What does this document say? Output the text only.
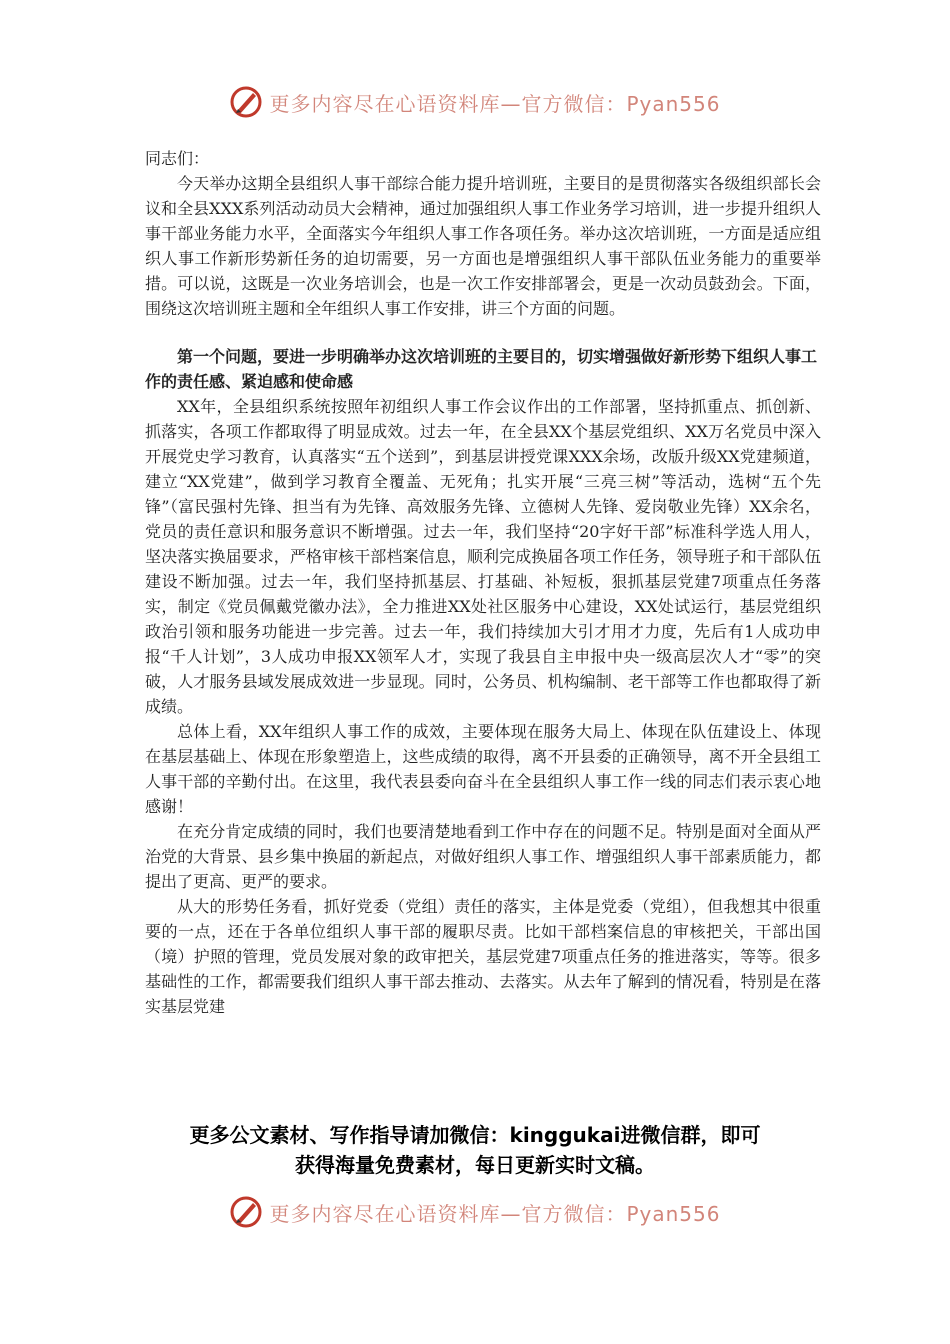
更多内容尽在心语资料库—官方微信：Pyan556

同志们：

今天举办这期全县组织人事干部综合能力提升培训班，主要目的是贯彻落实各级组织部长会议和全县XXX系列活动动员大会精神，通过加强组织人事工作业务学习培训，进一步提升组织人事干部业务能力水平，全面落实今年组织人事工作各项任务。举办这次培训班，一方面是适应组织人事工作新形势新任务的迫切需要，另一方面也是增强组织人事干部队伍业务能力的重要举措。可以说，这既是一次业务培训会，也是一次工作安排部署会，更是一次动员鼓劲会。下面，围绕这次培训班主题和全年组织人事工作安排，讲三个方面的问题。

第一个问题，要进一步明确举办这次培训班的主要目的，切实增强做好新形势下组织人事工作的责任感、紧迫感和使命感

XX年，全县组织系统按照年初组织人事工作会议作出的工作部署，坚持抓重点、抓创新、抓落实，各项工作都取得了明显成效。过去一年，在全县XX个基层党组织、XX万名党员中深入开展党史学习教育，认真落实“五个送到”，到基层讲授党课XXX余场，改版升级XX党建频道，建立“XX党建”，做到学习教育全覆盖、无死角；扎实开展“三亮三树”等活动，选树“五个先锋”（富民强村先锋、担当有为先锋、高效服务先锋、立德树人先锋、爱岗敬业先锋）XX余名，党员的责任意识和服务意识不断增强。过去一年，我们坚持“20字好干部”标准科学选人用人，坚决落实换届要求，严格审核干部档案信息，顺利完成换届各项工作任务，领导班子和干部队伍建设不断加强。过去一年，我们坚持抓基层、打基础、补短板，狠抓基层党建7项重点任务落实，制定《党员佩戴党徽办法》，全力推进XX处社区服务中心建设，XX处试运行，基层党组织政治引领和服务功能进一步完善。过去一年，我们持续加大引才用才力度，先后有1人成功申报“千人计划”，3人成功申报XX领军人才，实现了我县自主申报中央一级高层次人才“零”的突破，人才服务县域发展成效进一步显现。同时，公务员、机构编制、老干部等工作也都取得了新成绩。

总体上看，XX年组织人事工作的成效，主要体现在服务大局上、体现在队伍建设上、体现在基层基础上、体现在形象塑造上，这些成绩的取得，离不开县委的正确领导，离不开全县组工人事干部的辛勤付出。在这里，我代表县委向奋斗在全县组织人事工作一线的同志们表示衷心地感谢！

在充分肯定成绩的同时，我们也要清楚地看到工作中存在的问题不足。特别是面对全面从严治党的大背景、县乡集中换届的新起点，对做好组织人事工作、增强组织人事干部素质能力，都提出了更高、更严的要求。

从大的形势任务看，抓好党委（党组）责任的落实，主体是党委（党组），但我想其中很重要的一点，还在于各单位组织人事干部的履职尽责。比如干部档案信息的审核把关，干部出国（境）护照的管理，党员发展对象的政审把关，基层党建7项重点任务的推进落实，等等。很多基础性的工作，都需要我们组织人事干部去推动、去落实。从去年了解到的情况看，特别是在落实基层党建

更多公文素材、写作指导请加微信：kinggukai进微信群，即可
获得海量免费素材，每日更新实时文稿。
更多内容尽在心语资料库—官方微信：Pyan556
